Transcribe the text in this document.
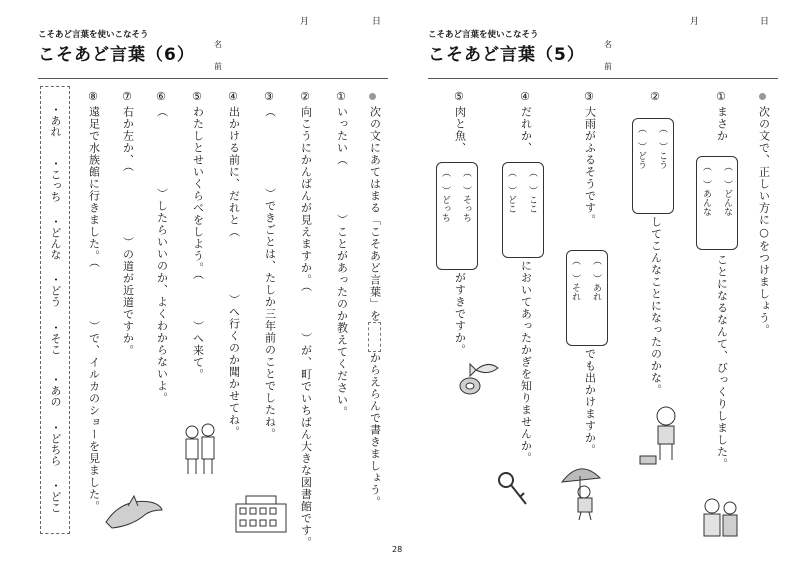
こそあど言葉を使いこなそう
こそあど言葉（6）
名前
月	日
次の文にあてはまる「こそあど言葉」をからえらんで書きましょう。
①
いったい（）ことがあったのか教えてください。
②
向こうにかんばんが見えますか。（）が、町でいちばん大きな図書館です。
③
（）できごとは、たしか三年前のことでしたね。
④
出かける前に、だれと（）へ行くのか聞かせてね。
⑤
わたしとせいくらべをしよう。（）へ来て。
⑥
（）したらいいのか、よくわからないよ。
⑦
右か左か、（）の道が近道ですか。
⑧
遠足で水族館に行きました。（）で、イルカのショーを見ました。
・あれ
・こっち
・どんな
・どう
・そこ
・あの
・どちら
・どこ
こそあど言葉を使いこなそう
こそあど言葉（5）
名前
月	日
次の文で、正しい方に○をつけましょう。
①
まさか
（　）どんな
（　）あんな
ことになるなんて、びっくりしました。
②
（　）こう
（　）どう
してこんなことになったのかな。
③
大雨がふるそうです。
（　）あれ
（　）それ
でも出かけますか。
④
だれか、
（　）ここ
（　）どこ
においてあったかぎを知りませんか。
⑤
肉と魚、
（　）そっち
（　）どっち
がすきですか。
28
